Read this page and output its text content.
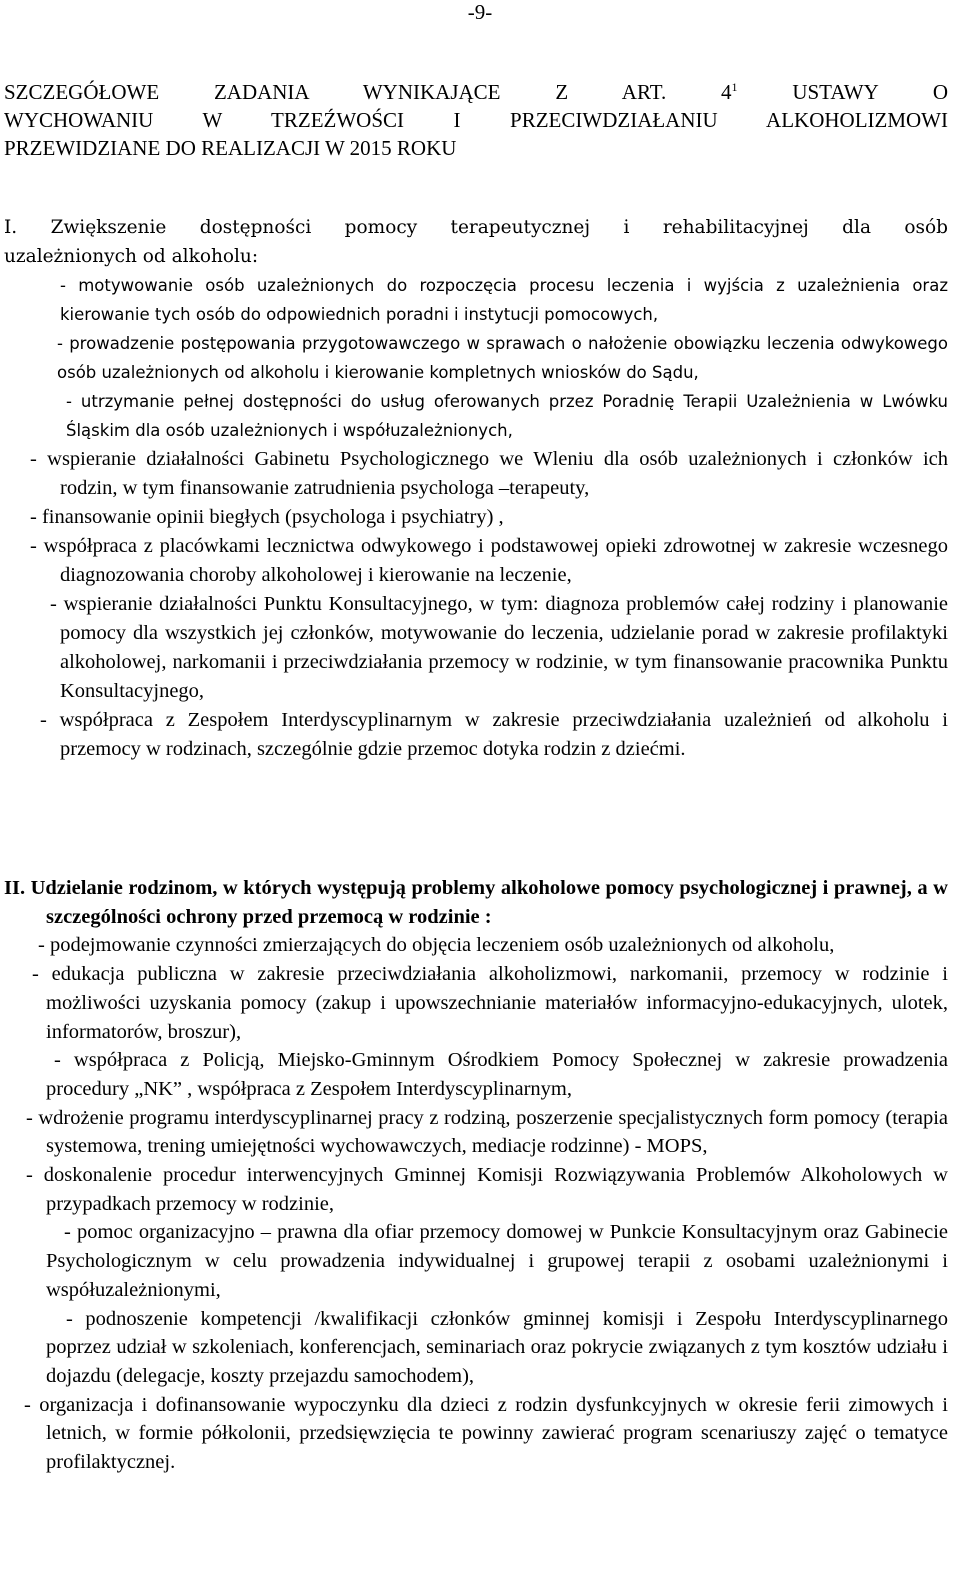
-9-
SZCZEGÓŁOWE ZADANIA WYNIKAJĄCE Z ART. $4^1$ USTAWY O
WYCHOWANIU W TRZEŹWOŚCI I PRZECIWDZIAŁANIU ALKOHOLIZMOWI
PRZEWIDZIANE DO REALIZACJI W 2015 ROKU
I. Zwiększenie dostępności pomocy terapeutycznej i rehabilitacyjnej dla osób
uzależnionych od alkoholu:

- motywowanie osób uzależnionych do rozpoczęcia procesu leczenia i wyjścia z uzależnienia oraz kierowanie tych osób do odpowiednich poradni i instytucji pomocowych,

- prowadzenie postępowania przygotowawczego w sprawach o nałożenie obowiązku leczenia odwykowego osób uzależnionych od alkoholu i kierowanie kompletnych wniosków do Sądu,

- utrzymanie pełnej dostępności do usług oferowanych przez Poradnię Terapii Uzależnienia w Lwówku Śląskim dla osób uzależnionych i współuzależnionych,

- wspieranie działalności Gabinetu Psychologicznego we Wleniu dla osób uzależnionych i członków ich rodzin, w tym finansowanie zatrudnienia psychologa –terapeuty,

- finansowanie opinii biegłych (psychologa i psychiatry) ,

- współpraca z placówkami lecznictwa odwykowego i podstawowej opieki zdrowotnej w zakresie wczesnego diagnozowania choroby alkoholowej i kierowanie na leczenie,

- wspieranie działalności Punktu Konsultacyjnego, w tym: diagnoza problemów całej rodziny i planowanie pomocy dla wszystkich jej członków, motywowanie do leczenia, udzielanie porad w zakresie profilaktyki alkoholowej, narkomanii i przeciwdziałania przemocy w rodzinie, w tym finansowanie pracownika Punktu Konsultacyjnego,

- współpraca z Zespołem Interdyscyplinarnym w zakresie przeciwdziałania uzależnień od alkoholu i przemocy w rodzinach, szczególnie gdzie przemoc dotyka rodzin z dziećmi.

II. Udzielanie rodzinom, w których występują problemy alkoholowe pomocy psychologicznej i prawnej, a w szczególności ochrony przed przemocą w rodzinie :

- podejmowanie czynności zmierzających do objęcia leczeniem osób uzależnionych od alkoholu,

- edukacja publiczna w zakresie przeciwdziałania alkoholizmowi, narkomanii, przemocy w rodzinie i możliwości uzyskania pomocy (zakup i upowszechnianie materiałów informacyjno-edukacyjnych, ulotek, informatorów, broszur),

- współpraca z Policją, Miejsko-Gminnym Ośrodkiem Pomocy Społecznej w zakresie prowadzenia procedury „NK” , współpraca z Zespołem Interdyscyplinarnym,

- wdrożenie programu interdyscyplinarnej pracy z rodziną, poszerzenie specjalistycznych form pomocy (terapia systemowa, trening umiejętności wychowawczych, mediacje rodzinne) - MOPS,

- doskonalenie procedur interwencyjnych Gminnej Komisji Rozwiązywania Problemów Alkoholowych w przypadkach przemocy w rodzinie,

- pomoc organizacyjno – prawna dla ofiar przemocy domowej w Punkcie Konsultacyjnym oraz Gabinecie Psychologicznym w celu prowadzenia indywidualnej i grupowej terapii z osobami uzależnionymi i współuzależnionymi,

- podnoszenie kompetencji /kwalifikacji członków gminnej komisji i Zespołu Interdyscyplinarnego poprzez udział w szkoleniach, konferencjach, seminariach oraz pokrycie związanych z tym kosztów udziału i dojazdu (delegacje, koszty przejazdu samochodem),

- organizacja i dofinansowanie wypoczynku dla dzieci z rodzin dysfunkcyjnych w okresie ferii zimowych i letnich, w formie półkolonii, przedsięwzięcia te powinny zawierać program scenariuszy zajęć o tematyce profilaktycznej.
